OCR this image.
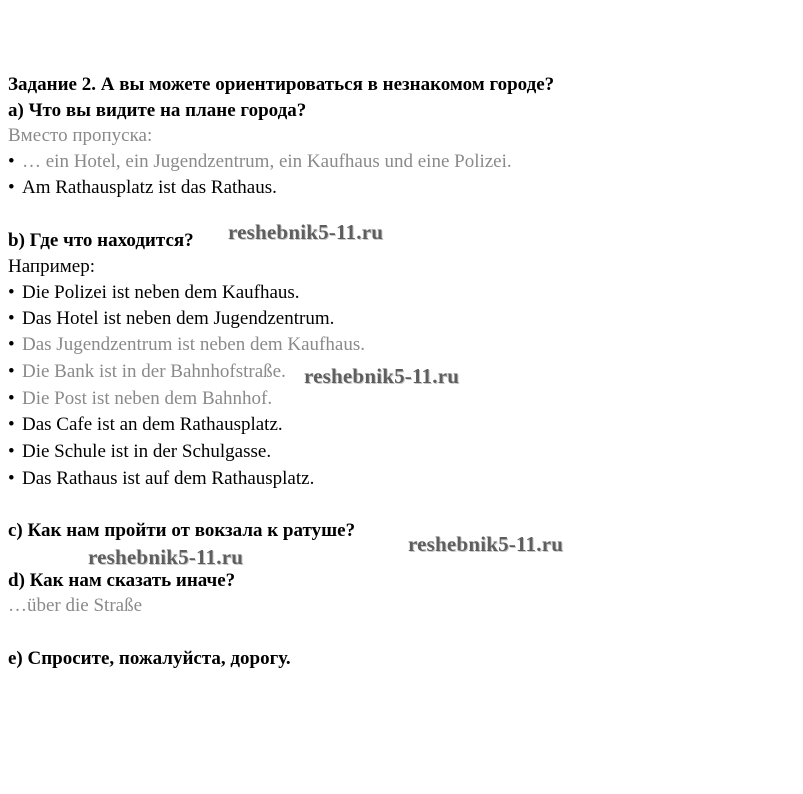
Задание 2. А вы можете ориентироваться в незнакомом городе?

a) Что вы видите на плане города?

Вместо пропуска:

• … ein Hotel, ein Jugendzentrum, ein Kaufhaus und eine Polizei.

• Am Rathausplatz ist das Rathaus.

b) Где что находится?

Например:

• Die Polizei ist neben dem Kaufhaus.

• Das Hotel ist neben dem Jugendzentrum.

• Das Jugendzentrum ist neben dem Kaufhaus.

• Die Bank ist in der Bahnhofstraße.

• Die Post ist neben dem Bahnhof.

• Das Cafe ist an dem Rathausplatz.

• Die Schule ist in der Schulgasse.

• Das Rathaus ist auf dem Rathausplatz.

c) Как нам пройти от вокзала к ратуше?

d) Как нам сказать иначе?

…über die Straße

e) Спросите, пожалуйста, дорогу.

reshebnik5-11.ru
reshebnik5-11.ru
reshebnik5-11.ru
reshebnik5-11.ru
